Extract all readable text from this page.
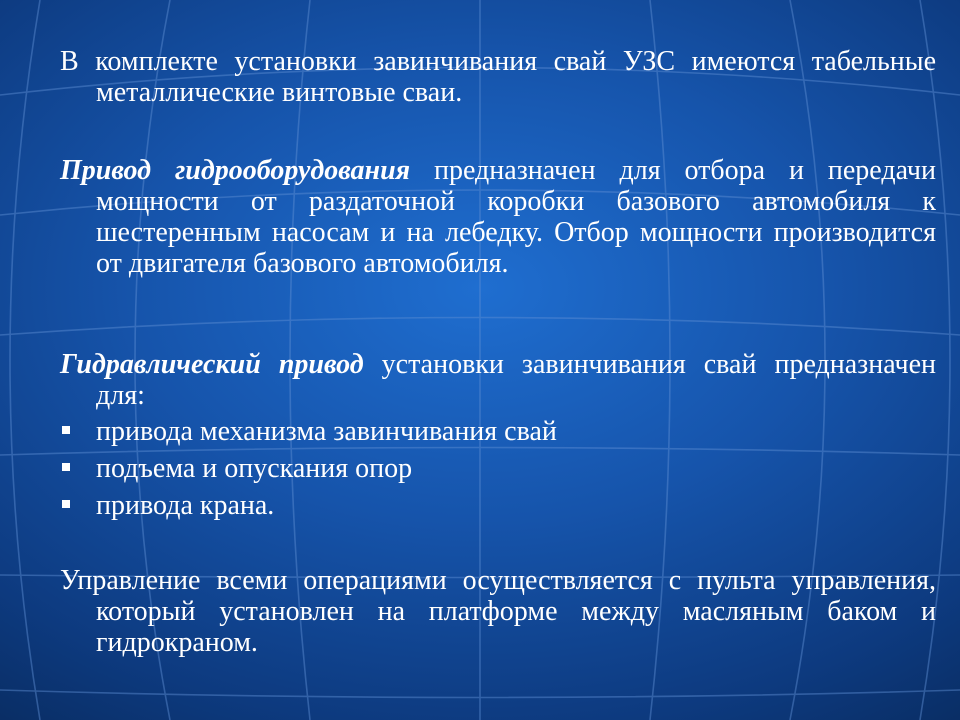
В комплекте установки завинчивания свай УЗС имеются табельные металлические винтовые сваи.

Привод гидрооборудования предназначен для отбора и передачи мощности от раздаточной коробки базового автомобиля к шестеренным насосам и на лебедку. Отбор мощности производится от двигателя базового автомобиля.

Гидравлический привод установки завинчивания свай предназначен для:

привода механизма завинчивания свай
подъема и опускания опор
привода крана.

Управление всеми операциями осуществляется с пульта управления, который установлен на платформе между масляным баком и гидрокраном.
